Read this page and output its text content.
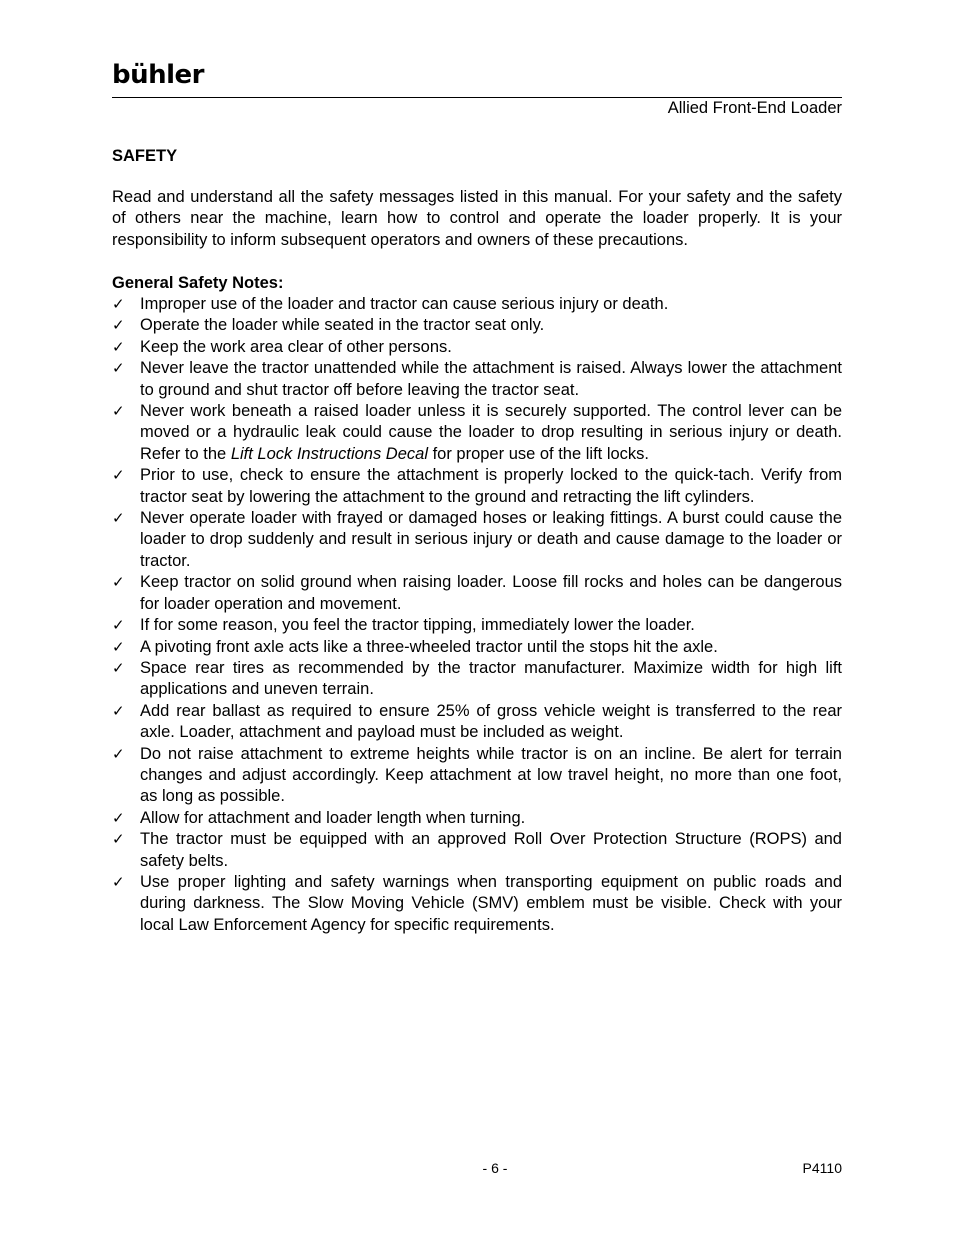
bühler
Allied Front-End Loader
SAFETY

Read and understand all the safety messages listed in this manual. For your safety and the safety of others near the machine, learn how to control and operate the loader properly. It is your responsibility to inform subsequent operators and owners of these precautions.

General Safety Notes:

✓ Improper use of the loader and tractor can cause serious injury or death.
✓ Operate the loader while seated in the tractor seat only.
✓ Keep the work area clear of other persons.
✓ Never leave the tractor unattended while the attachment is raised. Always lower the attachment to ground and shut tractor off before leaving the tractor seat.
✓ Never work beneath a raised loader unless it is securely supported. The control lever can be moved or a hydraulic leak could cause the loader to drop resulting in serious injury or death. Refer to the Lift Lock Instructions Decal for proper use of the lift locks.
✓ Prior to use, check to ensure the attachment is properly locked to the quick-tach. Verify from tractor seat by lowering the attachment to the ground and retracting the lift cylinders.
✓ Never operate loader with frayed or damaged hoses or leaking fittings. A burst could cause the loader to drop suddenly and result in serious injury or death and cause damage to the loader or tractor.
✓ Keep tractor on solid ground when raising loader. Loose fill rocks and holes can be dangerous for loader operation and movement.
✓ If for some reason, you feel the tractor tipping, immediately lower the loader.
✓ A pivoting front axle acts like a three-wheeled tractor until the stops hit the axle.
✓ Space rear tires as recommended by the tractor manufacturer. Maximize width for high lift applications and uneven terrain.
✓ Add rear ballast as required to ensure 25% of gross vehicle weight is transferred to the rear axle. Loader, attachment and payload must be included as weight.
✓ Do not raise attachment to extreme heights while tractor is on an incline. Be alert for terrain changes and adjust accordingly. Keep attachment at low travel height, no more than one foot, as long as possible.
✓ Allow for attachment and loader length when turning.
✓ The tractor must be equipped with an approved Roll Over Protection Structure (ROPS) and safety belts.
✓ Use proper lighting and safety warnings when transporting equipment on public roads and during darkness. The Slow Moving Vehicle (SMV) emblem must be visible. Check with your local Law Enforcement Agency for specific requirements.
- 6 -	P4110
